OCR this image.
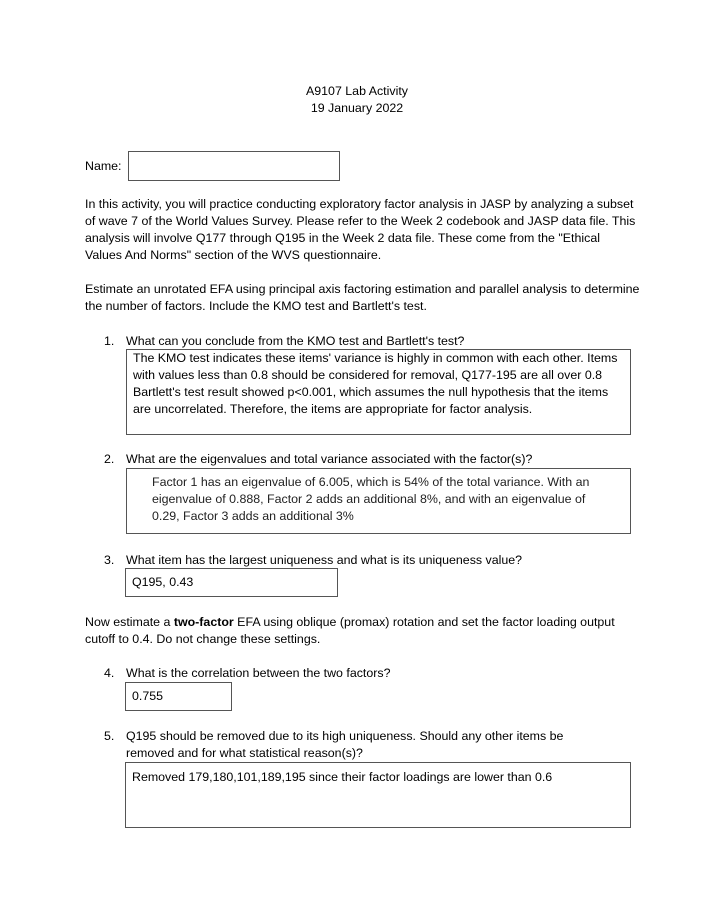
A9107 Lab Activity
19 January 2022
Name:

In this activity, you will practice conducting exploratory factor analysis in JASP by analyzing a subset of wave 7 of the World Values Survey. Please refer to the Week 2 codebook and JASP data file. This analysis will involve Q177 through Q195 in the Week 2 data file. These come from the "Ethical Values And Norms" section of the WVS questionnaire.

Estimate an unrotated EFA using principal axis factoring estimation and parallel analysis to determine the number of factors. Include the KMO test and Bartlett's test.

1. What can you conclude from the KMO test and Bartlett's test?
The KMO test indicates these items' variance is highly in common with each other. Items with values less than 0.8 should be considered for removal, Q177-195 are all over 0.8
Bartlett's test result showed p<0.001, which assumes the null hypothesis that the items are uncorrelated. Therefore, the items are appropriate for factor analysis.
2. What are the eigenvalues and total variance associated with the factor(s)?
Factor 1 has an eigenvalue of 6.005, which is 54% of the total variance. With an eigenvalue of 0.888, Factor 2 adds an additional 8%, and with an eigenvalue of 0.29, Factor 3 adds an additional 3%
3. What item has the largest uniqueness and what is its uniqueness value?
Q195, 0.43

Now estimate a two-factor EFA using oblique (promax) rotation and set the factor loading output cutoff to 0.4. Do not change these settings.

4. What is the correlation between the two factors?
0.755
5. Q195 should be removed due to its high uniqueness. Should any other items be removed and for what statistical reason(s)?
Removed 179,180,101,189,195 since their factor loadings are lower than 0.6
